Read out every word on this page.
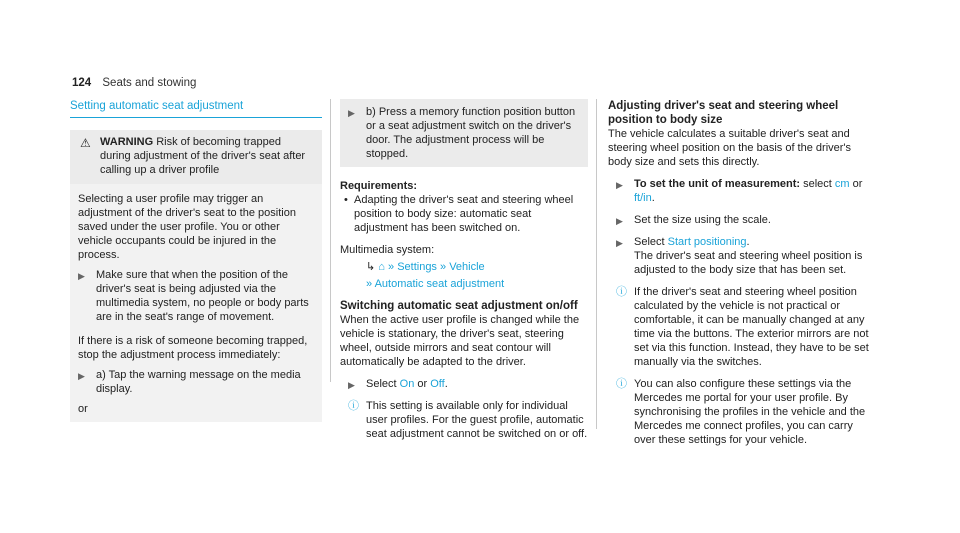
124 Seats and stowing
Setting automatic seat adjustment
⚠ WARNING Risk of becoming trapped during adjustment of the driver's seat after calling up a driver profile

Selecting a user profile may trigger an adjustment of the driver's seat to the position saved under the user profile. You or other vehicle occupants could be injured in the process.

▶ Make sure that when the position of the driver's seat is being adjusted via the multimedia system, no people or body parts are in the seat's range of movement.

If there is a risk of someone becoming trapped, stop the adjustment process immediately:

▶ a) Tap the warning message on the media display.

or

▶ b) Press a memory function position button or a seat adjustment switch on the driver's door. The adjustment process will be stopped.
Requirements:
• Adapting the driver's seat and steering wheel position to body size: automatic seat adjustment has been switched on.

Multimedia system:

↳ ⌂ » Settings » Vehicle
» Automatic seat adjustment
Switching automatic seat adjustment on/off

When the active user profile is changed while the vehicle is stationary, the driver's seat, steering wheel, outside mirrors and seat contour will automatically be adapted to the driver.

▶ Select On or Off.
ⓘ This setting is available only for individual user profiles. For the guest profile, automatic seat adjustment cannot be switched on or off.
Adjusting driver's seat and steering wheel position to body size

The vehicle calculates a suitable driver's seat and steering wheel position on the basis of the driver's body size and sets this directly.

▶ To set the unit of measurement: select cm or ft/in.
▶ Set the size using the scale.
▶ Select Start positioning.
The driver's seat and steering wheel position is adjusted to the body size that has been set.
ⓘ If the driver's seat and steering wheel position calculated by the vehicle is not practical or comfortable, it can be manually changed at any time via the buttons. The exterior mirrors are not set via this function. Instead, they have to be set manually via the switches.
ⓘ You can also configure these settings via the Mercedes me portal for your user profile. By synchronising the profiles in the vehicle and the Mercedes me connect profiles, you can carry over these settings for your vehicle.
